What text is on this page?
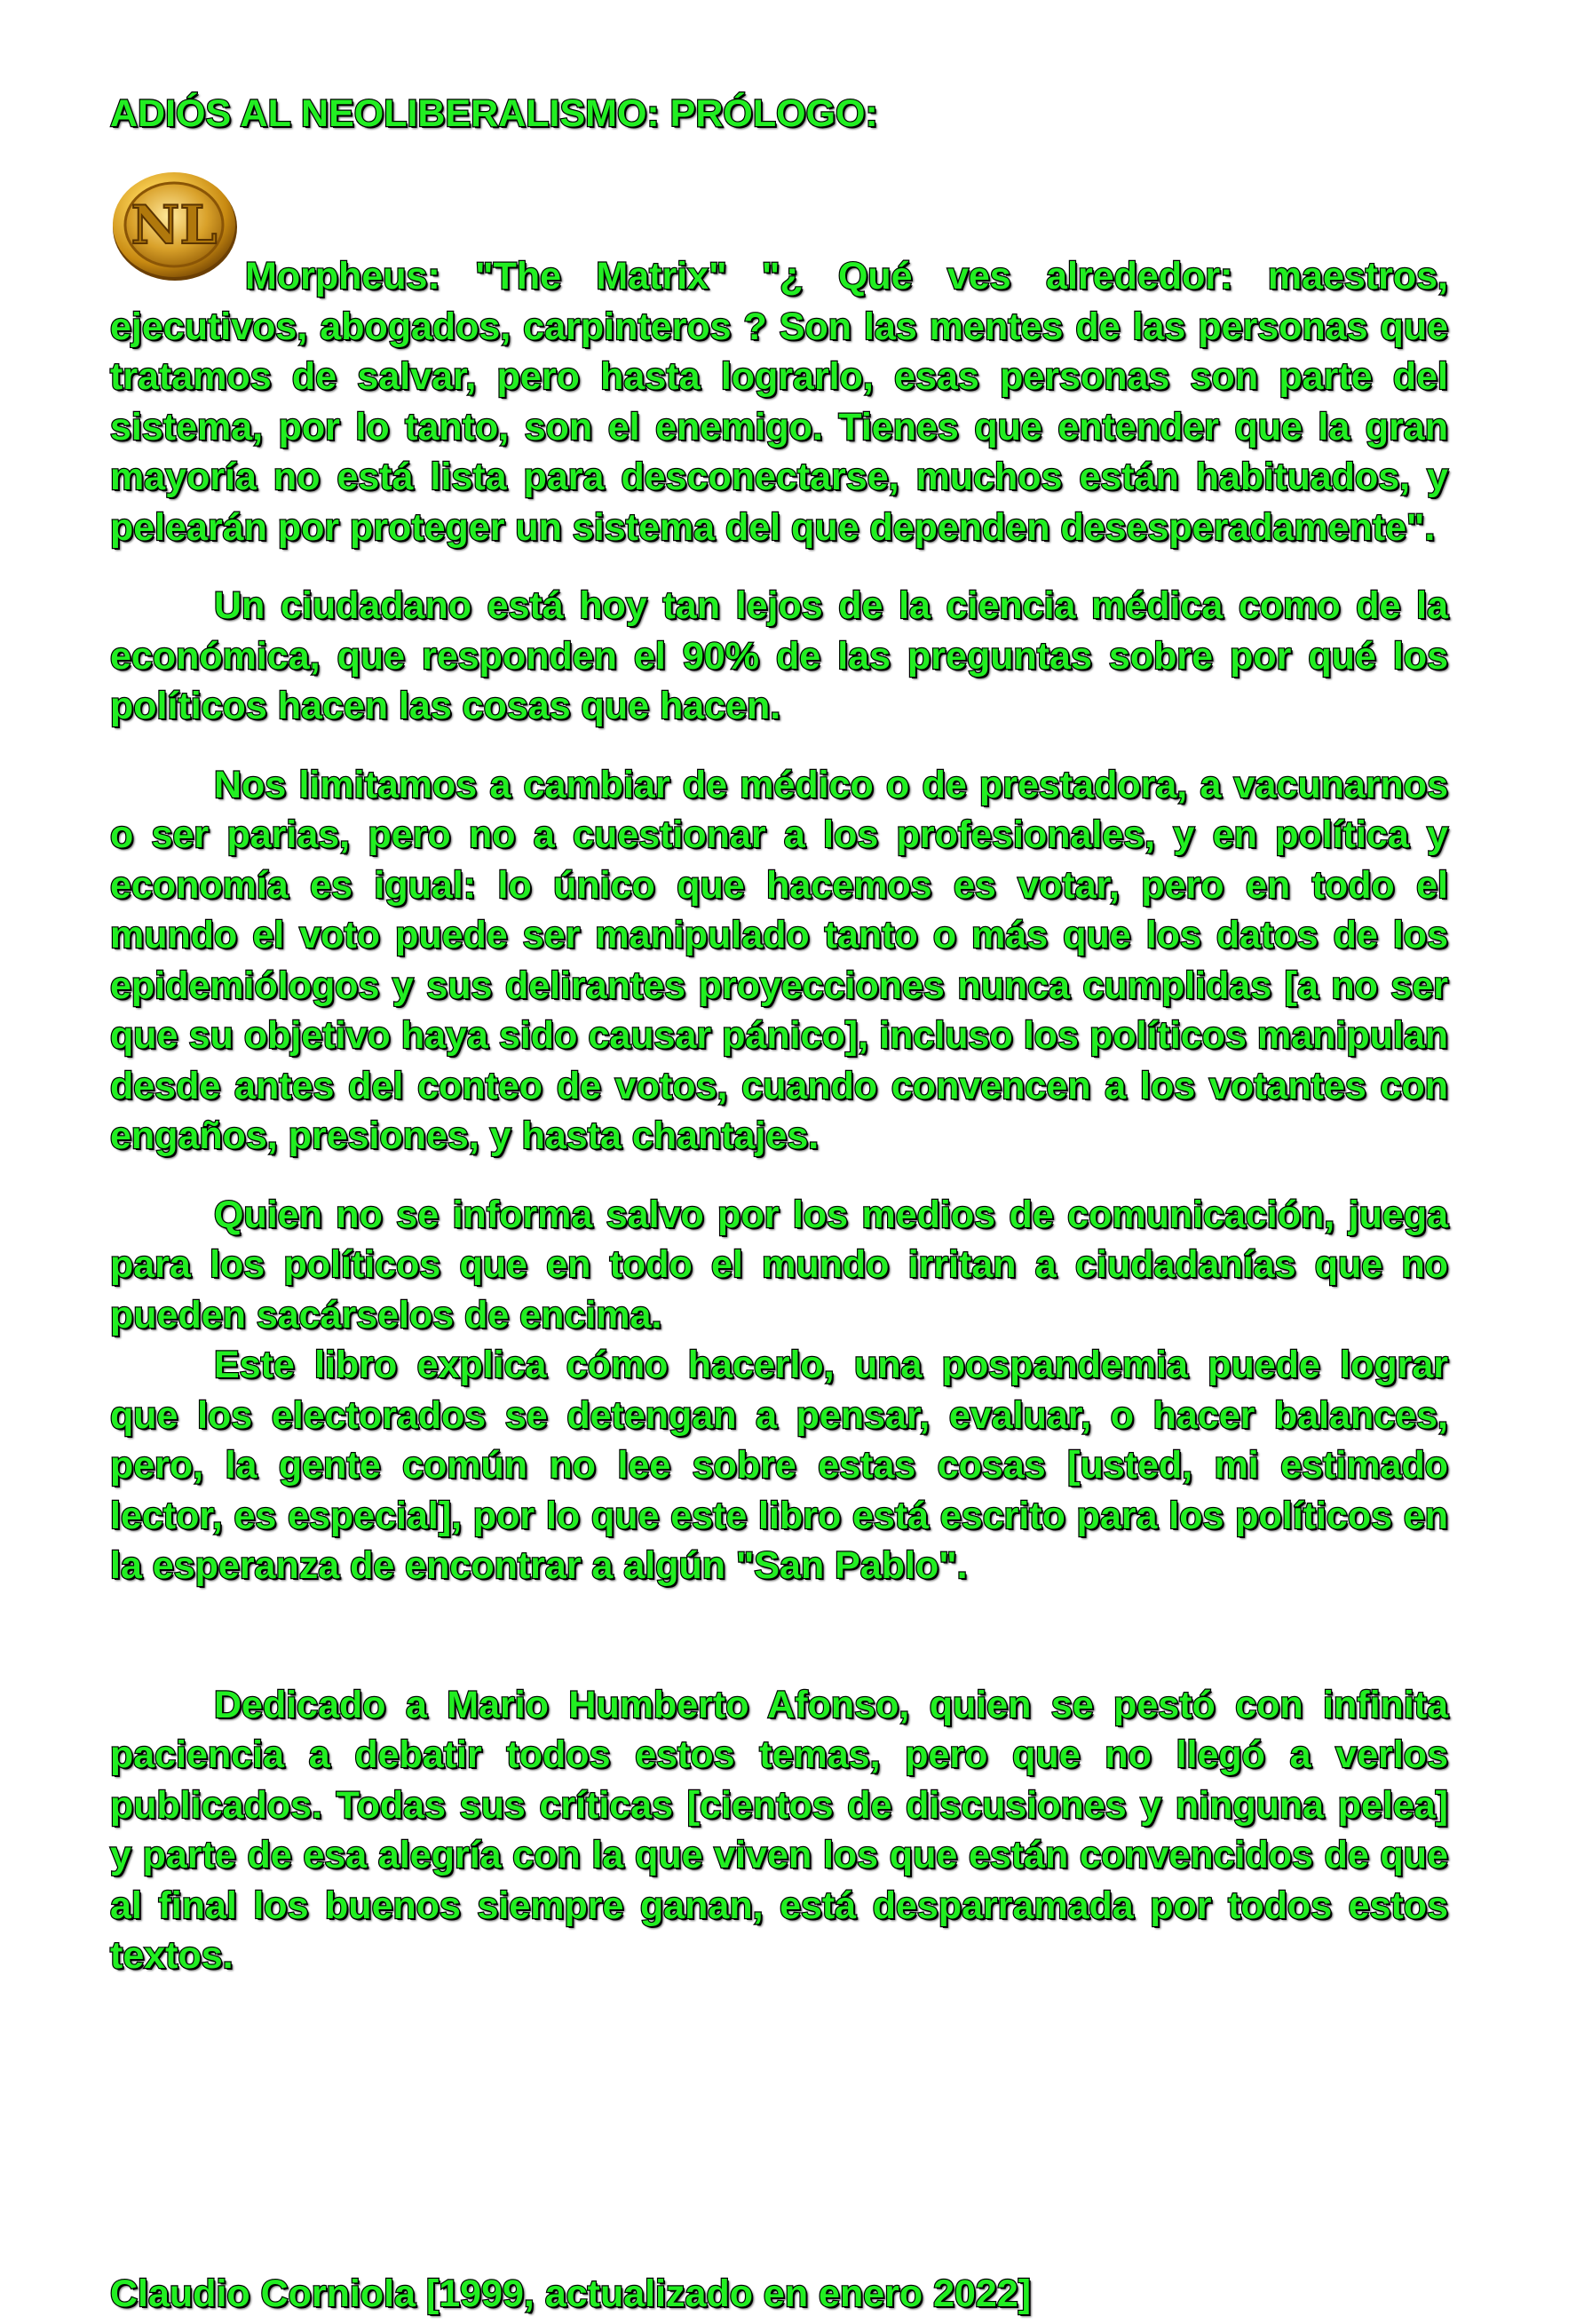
ADIÓS AL NEOLIBERALISMO: PRÓLOGO:
NL

Morpheus: "The Matrix" "¿ Qué ves alrededor: maestros, ejecutivos, abogados, carpinteros ? Son las mentes de las personas que tratamos de salvar, pero hasta lograrlo, esas personas son parte del sistema, por lo tanto, son el enemigo. Tienes que entender que la gran mayoría no está lista para desconectarse, muchos están habituados, y pelearán por proteger un sistema del que dependen desesperadamente".

Un ciudadano está hoy tan lejos de la ciencia médica como de la económica, que responden el 90% de las preguntas sobre por qué los políticos hacen las cosas que hacen.

Nos limitamos a cambiar de médico o de prestadora, a vacunarnos o ser parias, pero no a cuestionar a los profesionales, y en política y economía es igual: lo único que hacemos es votar, pero en todo el mundo el voto puede ser manipulado tanto o más que los datos de los epidemiólogos y sus delirantes proyecciones nunca cumplidas [a no ser que su objetivo haya sido causar pánico], incluso los políticos manipulan desde antes del conteo de votos, cuando convencen a los votantes con engaños, presiones, y hasta chantajes.

Quien no se informa salvo por los medios de comunicación, juega para los políticos que en todo el mundo irritan a ciudadanías que no pueden sacárselos de encima.

Este libro explica cómo hacerlo, una pospandemia puede lograr que los electorados se detengan a pensar, evaluar, o hacer balances, pero, la gente común no lee sobre estas cosas [usted, mi estimado lector, es especial], por lo que este libro está escrito para los políticos en la esperanza de encontrar a algún "San Pablo".

Dedicado a Mario Humberto Afonso, quien se pestó con infinita paciencia a debatir todos estos temas, pero que no llegó a verlos publicados. Todas sus críticas [cientos de discusiones y ninguna pelea] y parte de esa alegría con la que viven los que están convencidos de que al final los buenos siempre ganan, está desparramada por todos estos textos.

Claudio Corniola [1999, actualizado en enero 2022]
